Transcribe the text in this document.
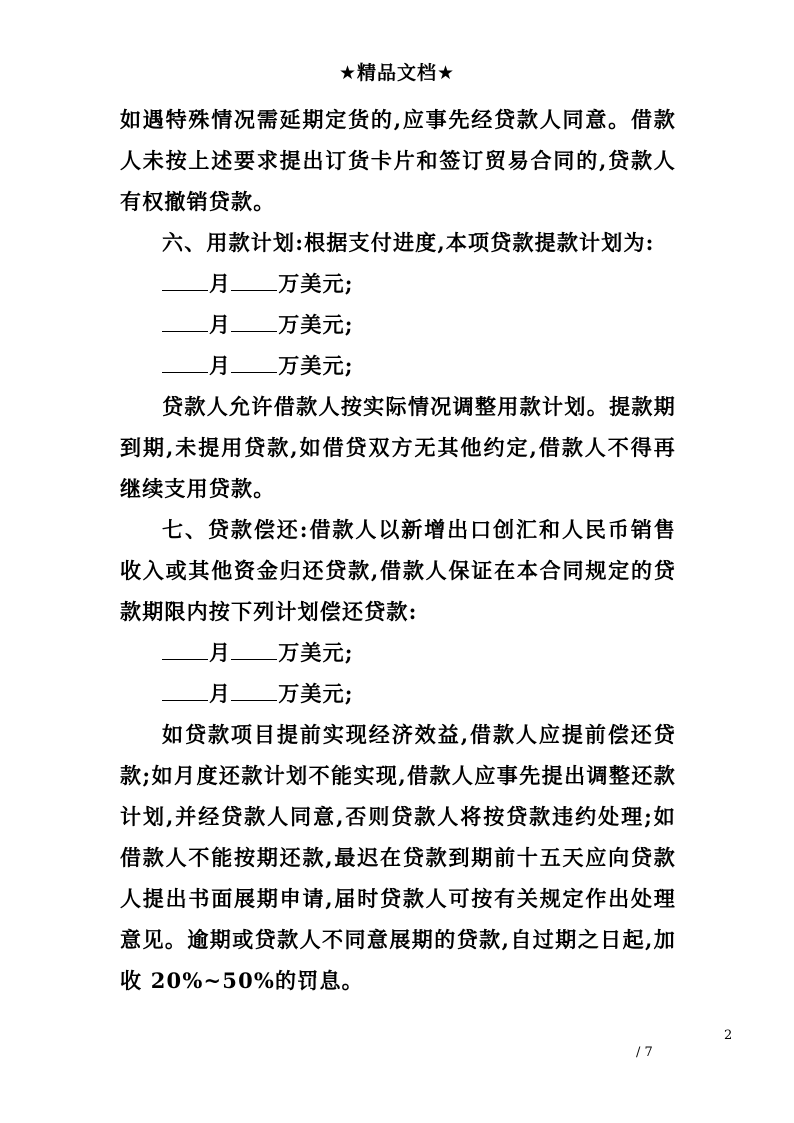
★精品文档★

如遇特殊情况需延期定货的,应事先经贷款人同意。借款人未按上述要求提出订货卡片和签订贸易合同的,贷款人有权撤销贷款。

六、用款计划:根据支付进度,本项贷款提款计划为:

月 万美元;

月 万美元;

月 万美元;

贷款人允许借款人按实际情况调整用款计划。提款期到期,未提用贷款,如借贷双方无其他约定,借款人不得再继续支用贷款。

七、贷款偿还:借款人以新增出口创汇和人民币销售收入或其他资金归还贷款,借款人保证在本合同规定的贷款期限内按下列计划偿还贷款:

月 万美元;

月 万美元;

如贷款项目提前实现经济效益,借款人应提前偿还贷款;如月度还款计划不能实现,借款人应事先提出调整还款计划,并经贷款人同意,否则贷款人将按贷款违约处理;如借款人不能按期还款,最迟在贷款到期前十五天应向贷款人提出书面展期申请,届时贷款人可按有关规定作出处理意见。逾期或贷款人不同意展期的贷款,自过期之日起,加收 20%~50%的罚息。

2
/ 7
